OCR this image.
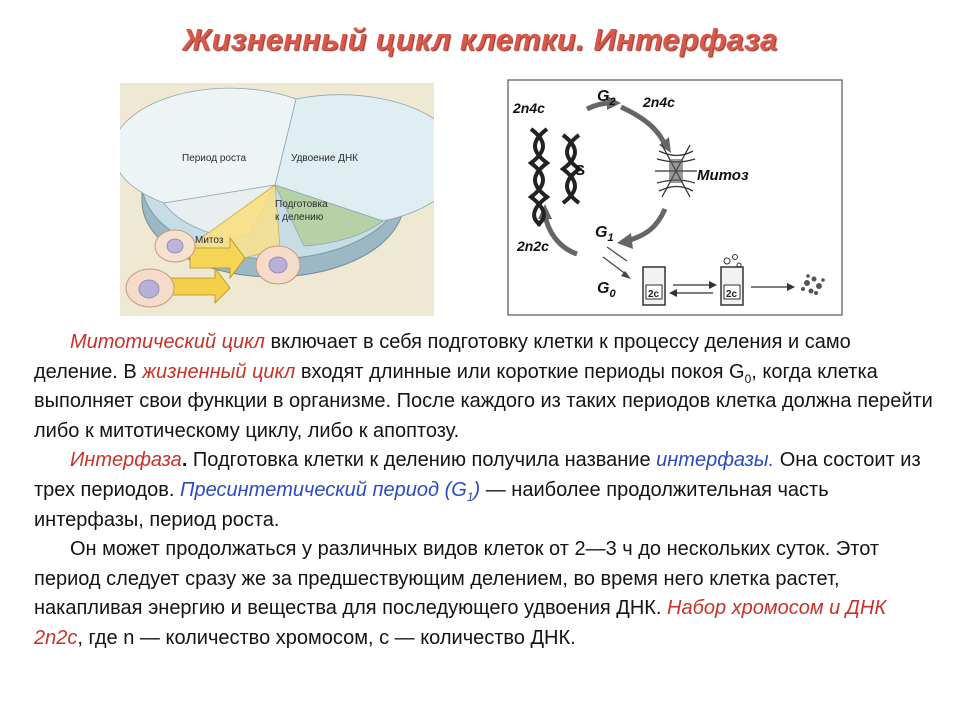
Жизненный цикл клетки. Интерфаза
Период роста	Удвоение ДНК
Подготовка
к делению
Митоз
2c	2c
2n4c
$G_2$ 2n4c
S	Митоз
2n2c
$G_1$
$G_0$

Митотический цикл включает в себя подготовку клетки к процессу деления и само деление. В жизненный цикл входят длинные или короткие периоды покоя $G_0$, когда клетка выполняет свои функции в организме. После каждого из таких периодов клетка должна перейти либо к митотическому циклу, либо к апоптозу.

Интерфаза. Подготовка клетки к делению получила название интерфазы. Она состоит из трех периодов. Пресинтетический период $(G_1)$ — наиболее продолжительная часть интерфазы, период роста.

Он может продолжаться у различных видов клеток от 2—3 ч до нескольких суток. Этот период следует сразу же за предшествующим делением, во время него клетка растет, накапливая энергию и вещества для последующего удвоения ДНК. Набор хромосом и ДНК 2n2c, где n — количество хромосом, с — количество ДНК.
